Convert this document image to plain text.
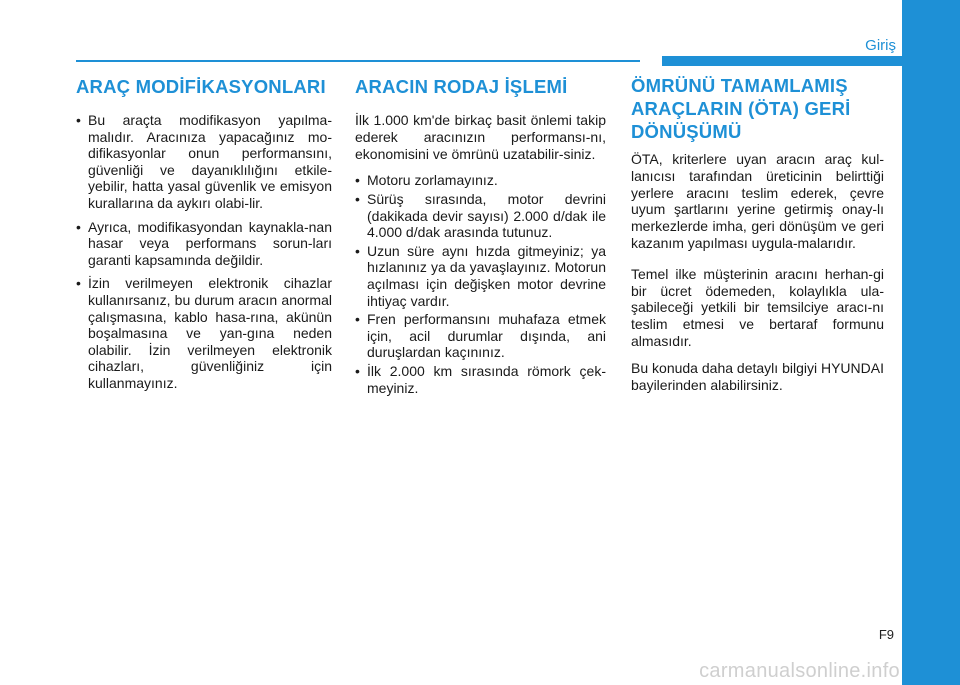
Giriş
ARAÇ MODİFİKASYONLARI
• Bu araçta modifikasyon yapılma-malıdır. Aracınıza yapacağınız mo-difikasyonlar onun performansını, güvenliği ve dayanıklılığını etkile-yebilir, hatta yasal güvenlik ve emisyon kurallarına da aykırı olabi-lir.
• Ayrıca, modifikasyondan kaynakla-nan hasar veya performans sorun-ları garanti kapsamında değildir.
• İzin verilmeyen elektronik cihazlar kullanırsanız, bu durum aracın anormal çalışmasına, kablo hasa-rına, akünün boşalmasına ve yan-gına neden olabilir. İzin verilmeyen elektronik cihazları, güvenliğiniz için kullanmayınız.
ARACIN RODAJ İŞLEMİ

İlk 1.000 km'de birkaç basit önlemi takip ederek aracınızın performansı-nı, ekonomisini ve ömrünü uzatabilir-siniz.

• Motoru zorlamayınız.
• Sürüş sırasında, motor devrini (dakikada devir sayısı) 2.000 d/dak ile 4.000 d/dak arasında tutunuz.
• Uzun süre aynı hızda gitmeyiniz; ya hızlanınız ya da yavaşlayınız. Motorun açılması için değişken motor devrine ihtiyaç vardır.
• Fren performansını muhafaza etmek için, acil durumlar dışında, ani duruşlardan kaçınınız.
• İlk 2.000 km sırasında römork çek-meyiniz.
ÖMRÜNÜ TAMAMLAMIŞ
ARAÇLARIN (ÖTA) GERİ
DÖNÜŞÜMÜ

ÖTA, kriterlere uyan aracın araç kul-lanıcısı tarafından üreticinin belirttiği yerlere aracını teslim ederek, çevre uyum şartlarını yerine getirmiş onay-lı merkezlerde imha, geri dönüşüm ve geri kazanım yapılması uygula-malarıdır.

Temel ilke müşterinin aracını herhan-gi bir ücret ödemeden, kolaylıkla ula-şabileceği yetkili bir temsilciye aracı-nı teslim etmesi ve bertaraf formunu almasıdır.

Bu konuda daha detaylı bilgiyi HYUNDAI bayilerinden alabilirsiniz.

F9
carmanualsonline.info
